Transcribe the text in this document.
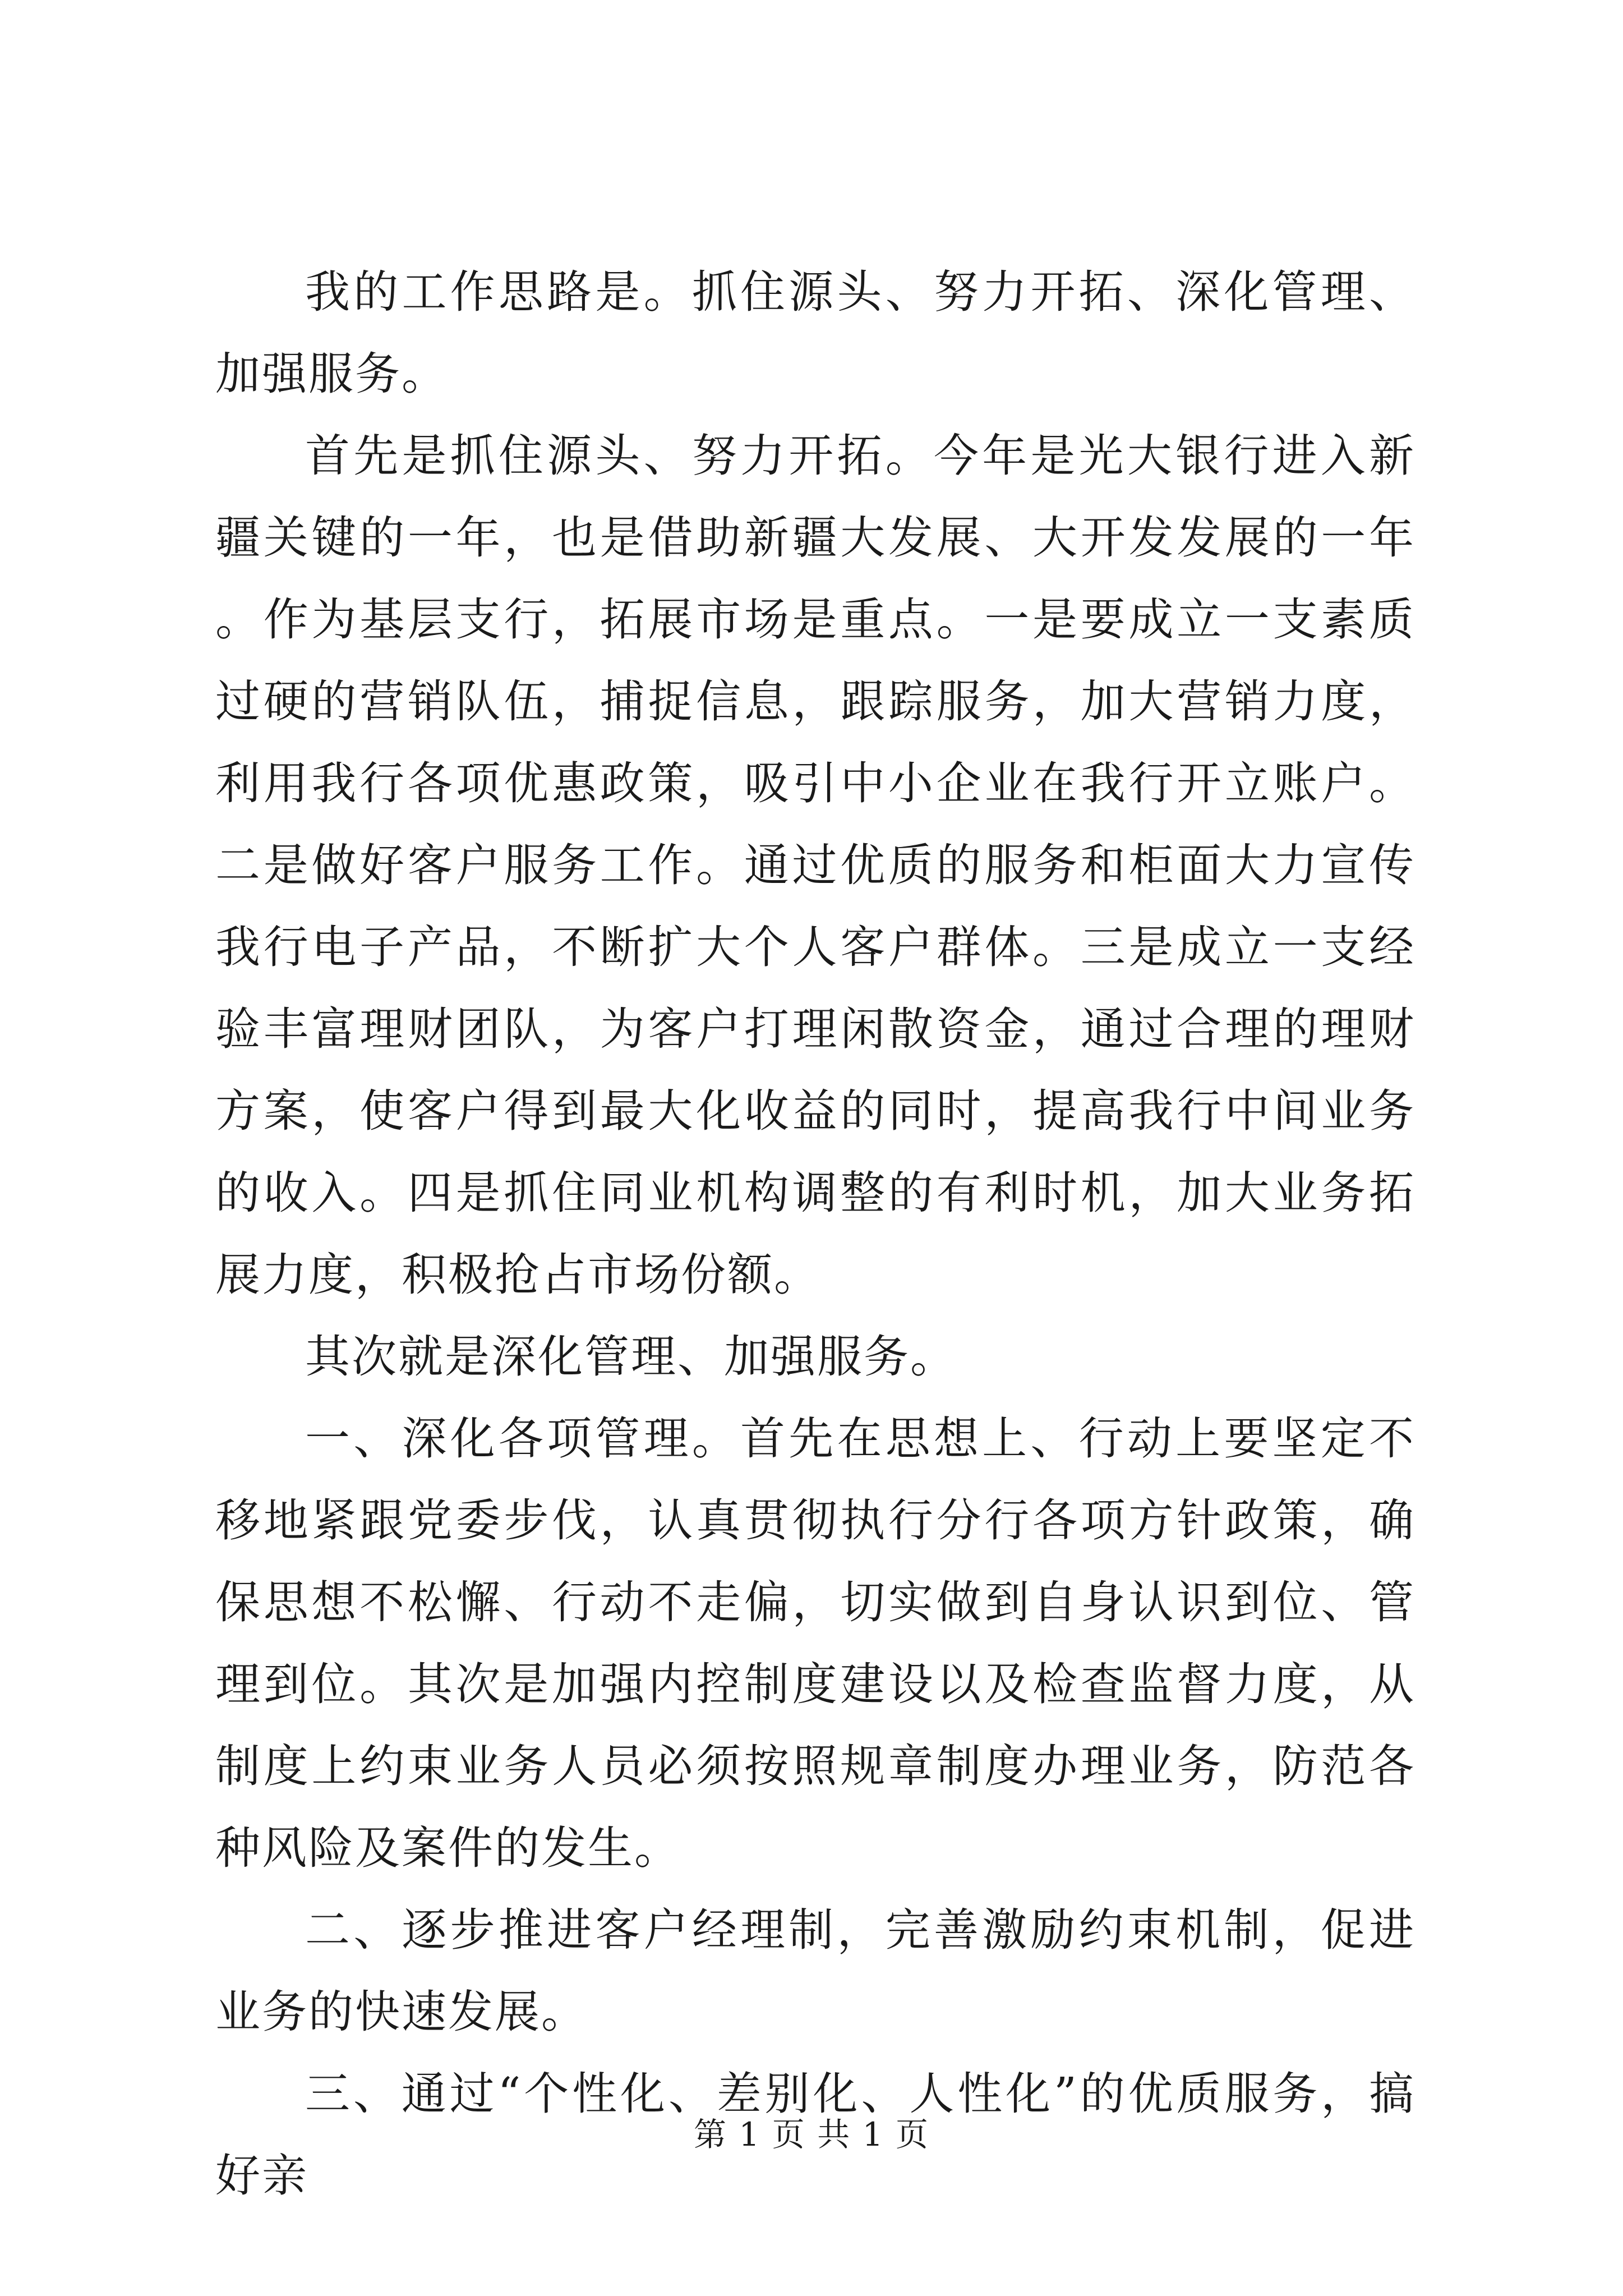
我的工作思路是。抓住源头、努力开拓、深化管理、加强服务。

首先是抓住源头、努力开拓。今年是光大银行进入新疆关键的一年，也是借助新疆大发展、大开发发展的一年。作为基层支行，拓展市场是重点。一是要成立一支素质过硬的营销队伍，捕捉信息，跟踪服务，加大营销力度，利用我行各项优惠政策，吸引中小企业在我行开立账户。二是做好客户服务工作。通过优质的服务和柜面大力宣传我行电子产品，不断扩大个人客户群体。三是成立一支经验丰富理财团队，为客户打理闲散资金，通过合理的理财方案，使客户得到最大化收益的同时，提高我行中间业务的收入。四是抓住同业机构调整的有利时机，加大业务拓展力度，积极抢占市场份额。

其次就是深化管理、加强服务。

一、深化各项管理。首先在思想上、行动上要坚定不移地紧跟党委步伐，认真贯彻执行分行各项方针政策，确保思想不松懈、行动不走偏，切实做到自身认识到位、管理到位。其次是加强内控制度建设以及检查监督力度，从制度上约束业务人员必须按照规章制度办理业务，防范各种风险及案件的发生。

二、逐步推进客户经理制，完善激励约束机制，促进业务的快速发展。

三、通过“个性化、差别化、人性化”的优质服务，搞好亲

第 1 页 共 1 页
